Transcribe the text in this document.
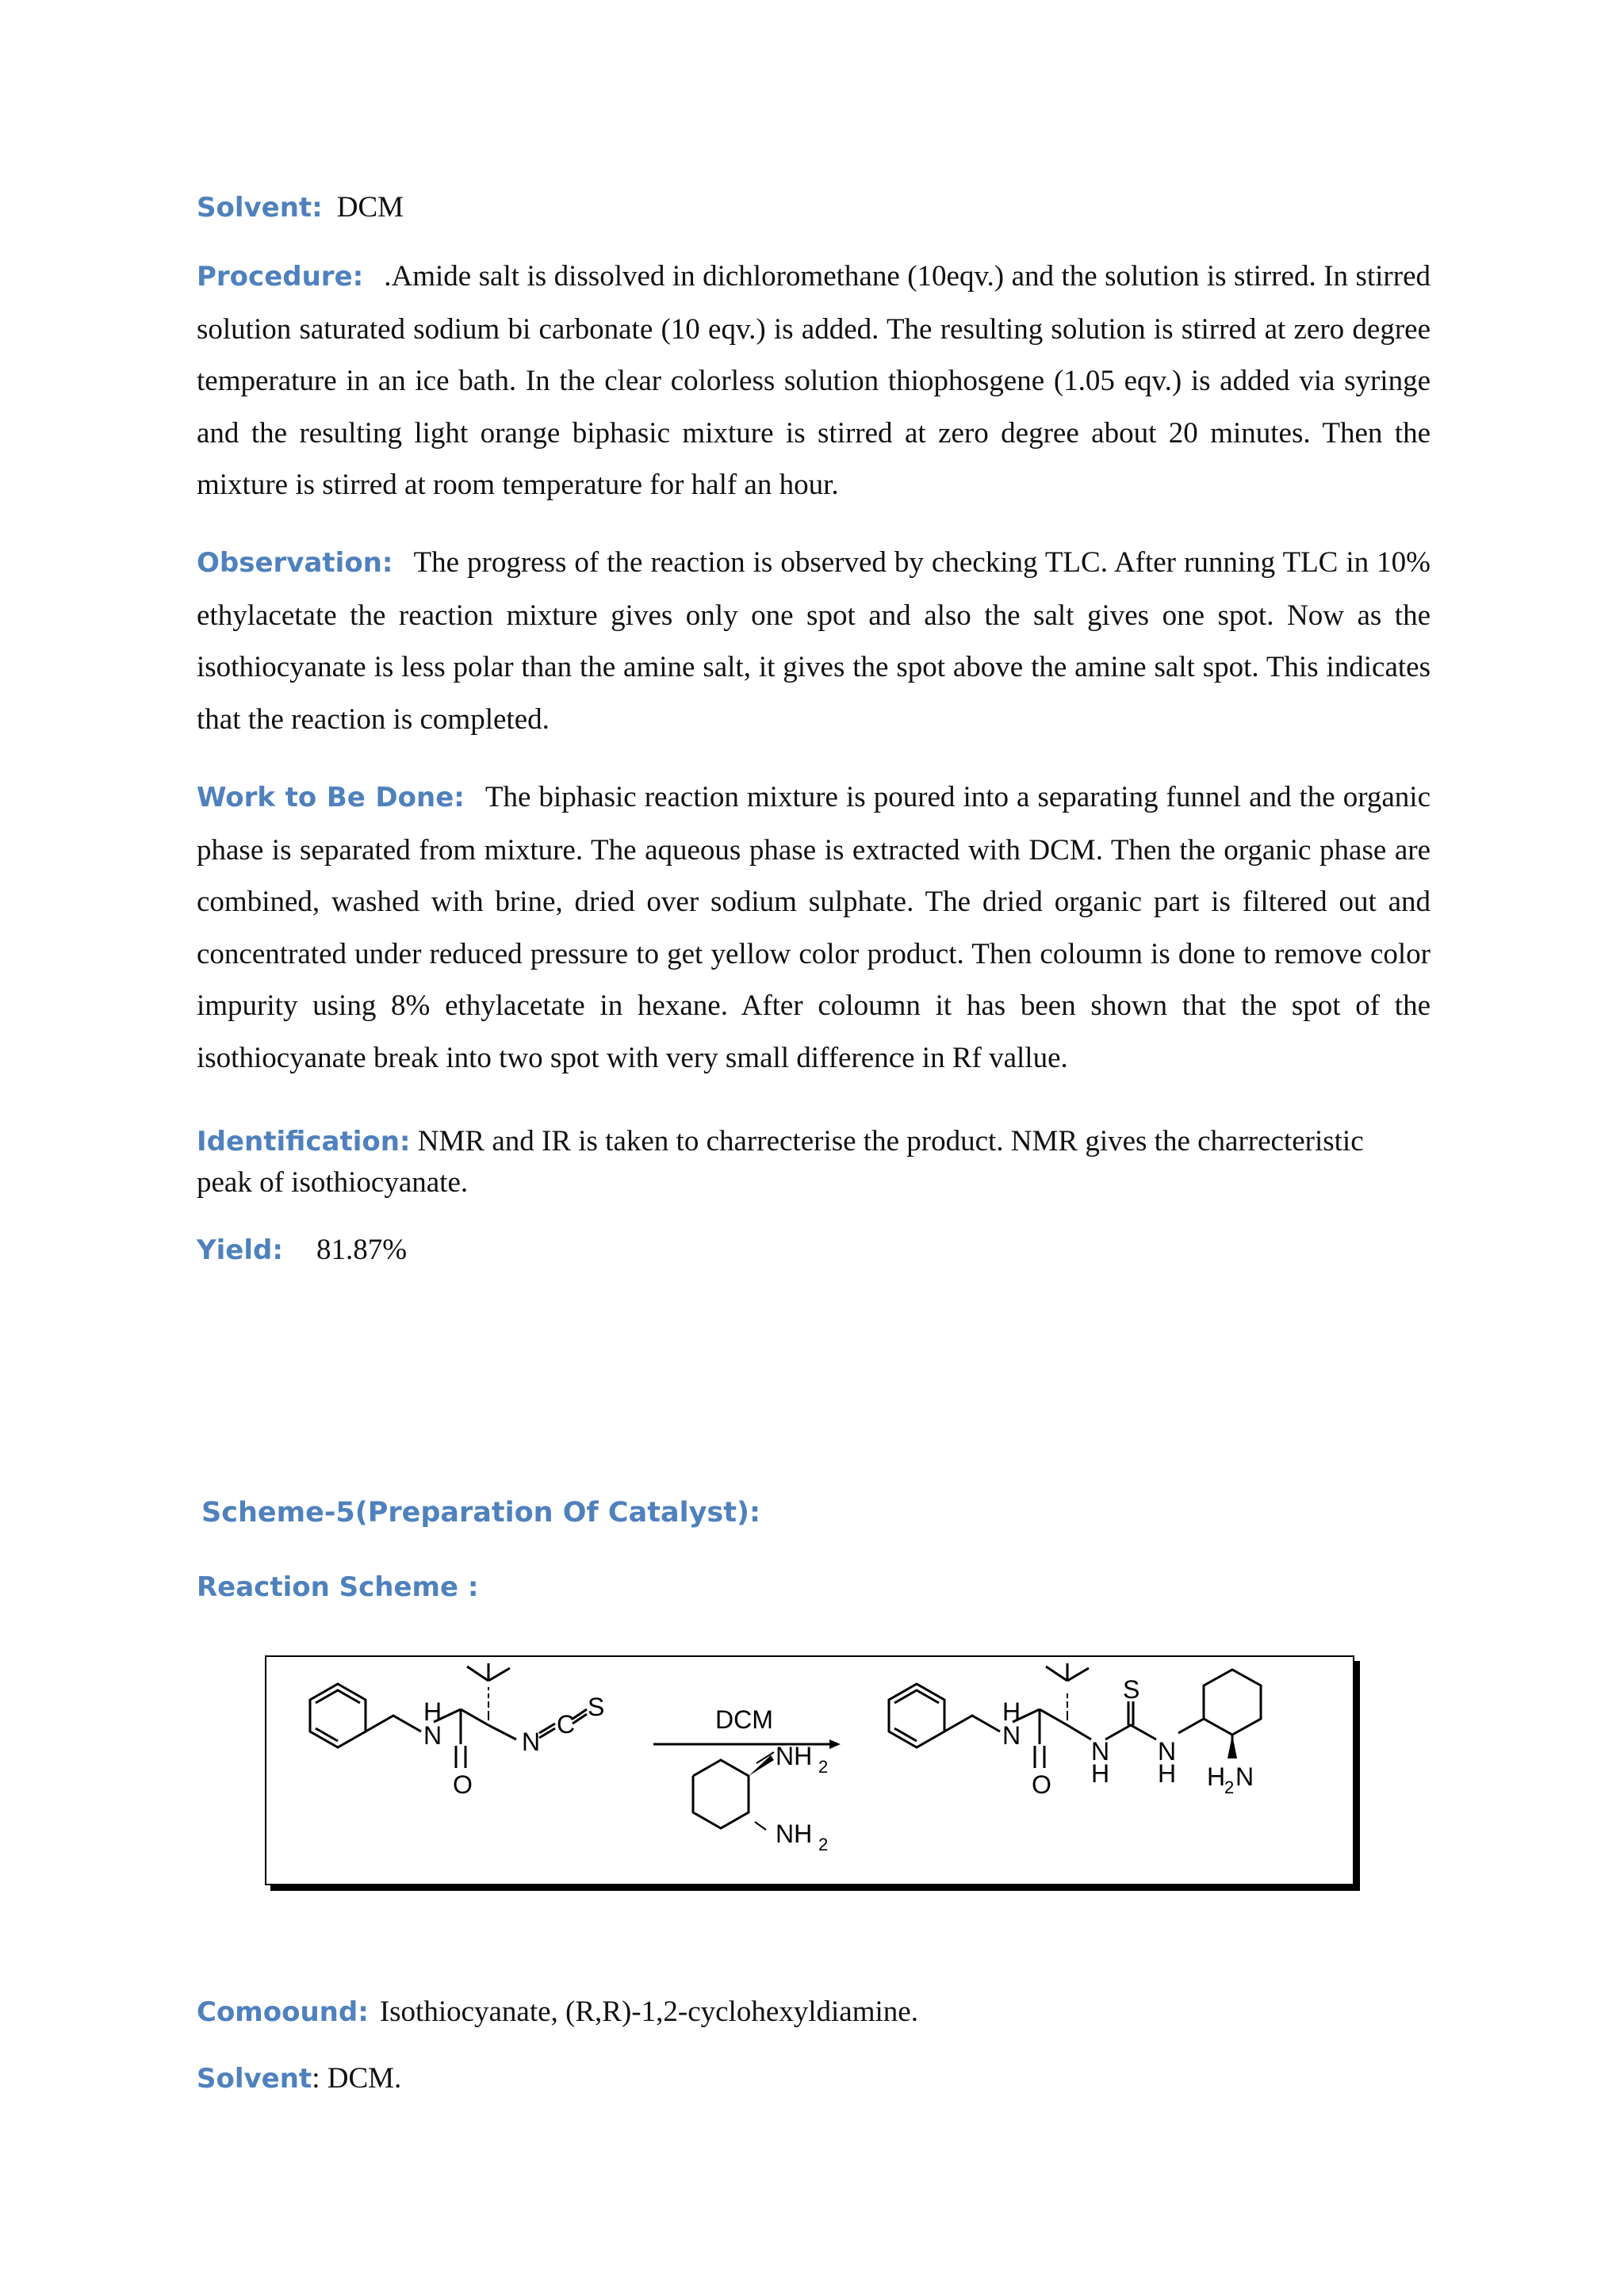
Solvent: DCM
Procedure: .Amide salt is dissolved in dichloromethane (10eqv.) and the solution is stirred. In stirred solution saturated sodium bi carbonate (10 eqv.) is added. The resulting solution is stirred at zero degree temperature in an ice bath. In the clear colorless solution thiophosgene (1.05 eqv.) is added via syringe and the resulting light orange biphasic mixture is stirred at zero degree about 20 minutes. Then the mixture is stirred at room temperature for half an hour.
Observation: The progress of the reaction is observed by checking TLC. After running TLC in 10% ethylacetate the reaction mixture gives only one spot and also the salt gives one spot. Now as the isothiocyanate is less polar than the amine salt, it gives the spot above the amine salt spot. This indicates that the reaction is completed.
Work to Be Done: The biphasic reaction mixture is poured into a separating funnel and the organic phase is separated from mixture. The aqueous phase is extracted with DCM. Then the organic phase are combined, washed with brine, dried over sodium sulphate. The dried organic part is filtered out and concentrated under reduced pressure to get yellow color product. Then coloumn is done to remove color impurity using 8% ethylacetate in hexane. After coloumn it has been shown that the spot of the isothiocyanate break into two spot with very small difference in Rf vallue.
Identification: NMR and IR is taken to charrecterise the product. NMR gives the charrecteristic peak of isothiocyanate.
Yield: 81.87%
Scheme-5(Preparation Of Catalyst):
Reaction Scheme :
H
N
O
N
C
S	DCM
NH 2
NH 2
H
N
O
N
H
S
N
H H
2 N
Comoound: Isothiocyanate, (R,R)-1,2-cyclohexyldiamine.
Solvent: DCM.
